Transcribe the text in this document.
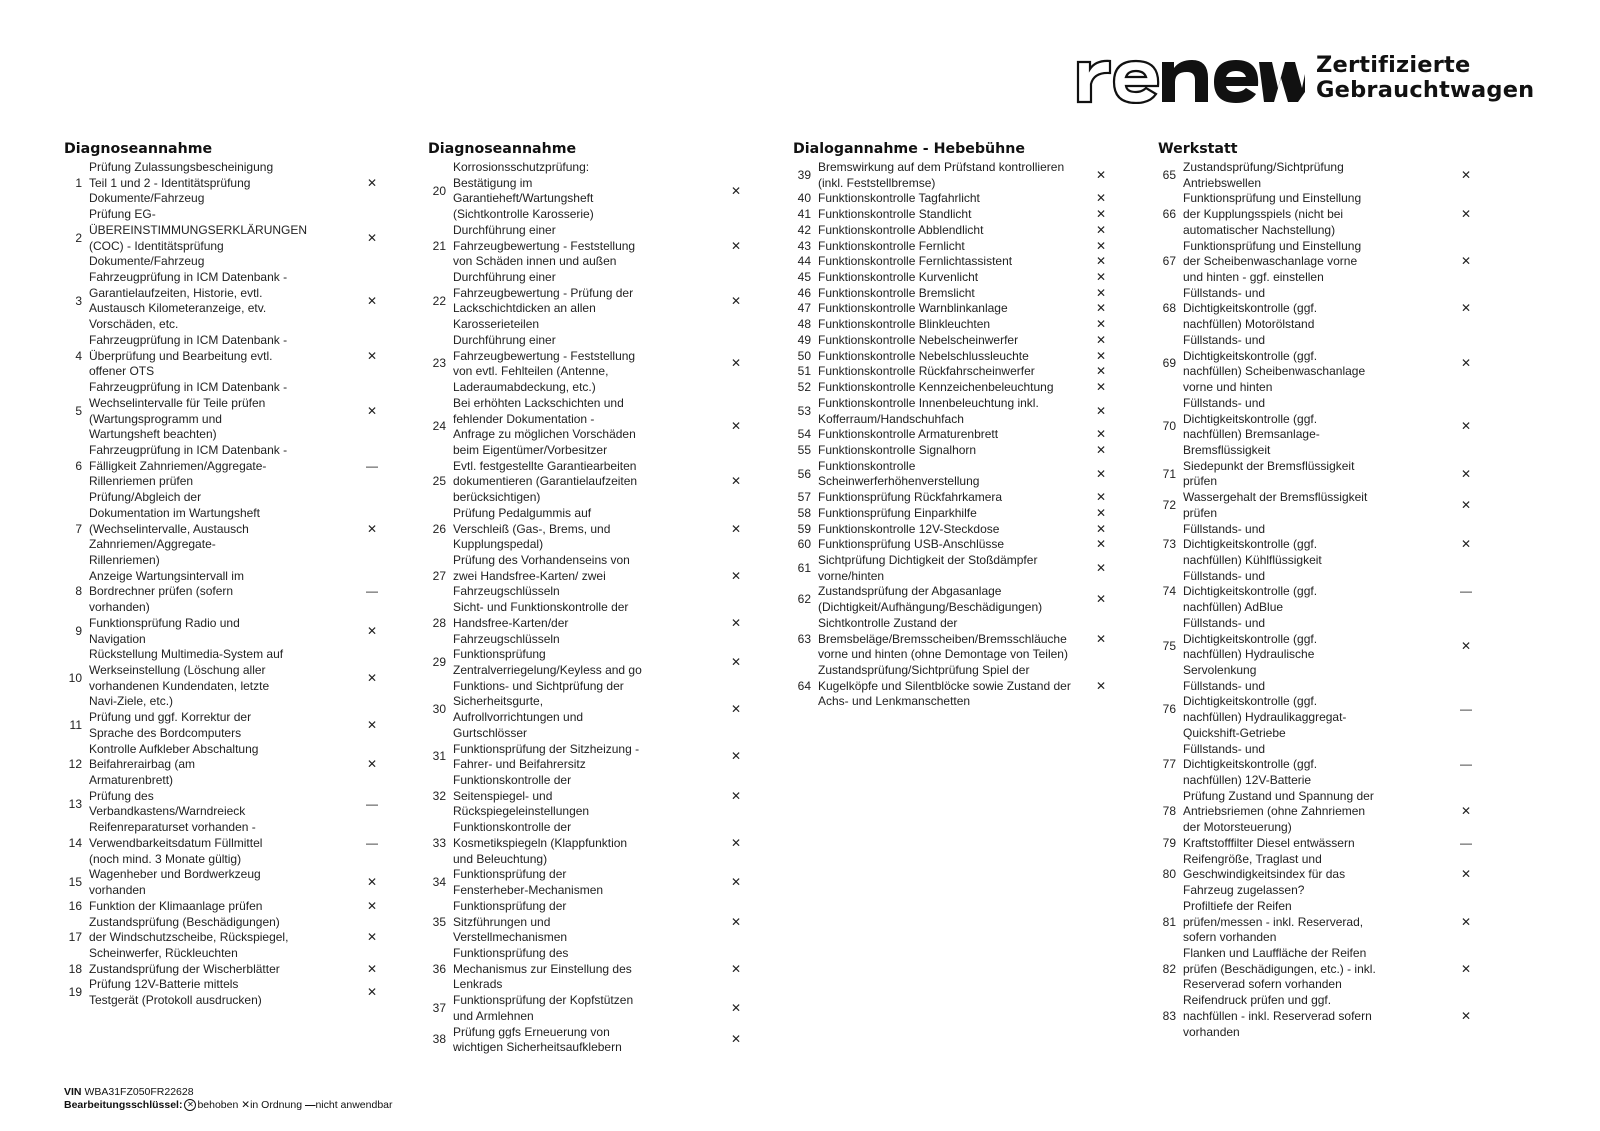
Zertifizierte
Gebrauchtwagen
Diagnoseannahme
1
Prüfung Zulassungsbescheinigung
Teil 1 und 2 - Identitätsprüfung
Dokumente/Fahrzeug
✕
2
Prüfung EG-
ÜBEREINSTIMMUNGSERKLÄRUNGEN
(COC) - Identitätsprüfung
Dokumente/Fahrzeug
✕
3
Fahrzeugprüfung in ICM Datenbank -
Garantielaufzeiten, Historie, evtl.
Austausch Kilometeranzeige, etv.
Vorschäden, etc.
✕
4
Fahrzeugprüfung in ICM Datenbank -
Überprüfung und Bearbeitung evtl.
offener OTS
✕
5
Fahrzeugprüfung in ICM Datenbank -
Wechselintervalle für Teile prüfen
(Wartungsprogramm und
Wartungsheft beachten)
✕
6
Fahrzeugprüfung in ICM Datenbank -
Fälligkeit Zahnriemen/Aggregate-
Rillenriemen prüfen
—
7
Prüfung/Abgleich der
Dokumentation im Wartungsheft
(Wechselintervalle, Austausch
Zahnriemen/Aggregate-
Rillenriemen)
✕
8
Anzeige Wartungsintervall im
Bordrechner prüfen (sofern
vorhanden)
—
9
Funktionsprüfung Radio und
Navigation
✕
10
Rückstellung Multimedia-System auf
Werkseinstellung (Löschung aller
vorhandenen Kundendaten, letzte
Navi-Ziele, etc.)
✕
11
Prüfung und ggf. Korrektur der
Sprache des Bordcomputers
✕
12
Kontrolle Aufkleber Abschaltung
Beifahrerairbag (am
Armaturenbrett)
✕
13
Prüfung des
Verbandkastens/Warndreieck
—
14
Reifenreparaturset vorhanden -
Verwendbarkeitsdatum Füllmittel
(noch mind. 3 Monate gültig)
—
15
Wagenheber und Bordwerkzeug
vorhanden
✕
16 Funktion der Klimaanlage prüfen	✕
17
Zustandsprüfung (Beschädigungen)
der Windschutzscheibe, Rückspiegel,
Scheinwerfer, Rückleuchten
✕
18 Zustandsprüfung der Wischerblätter	✕
19
Prüfung 12V-Batterie mittels
Testgerät (Protokoll ausdrucken)
✕
Diagnoseannahme
20
Korrosionsschutzprüfung:
Bestätigung im
Garantieheft/Wartungsheft
(Sichtkontrolle Karosserie)
✕
21
Durchführung einer
Fahrzeugbewertung - Feststellung
von Schäden innen und außen
✕
22
Durchführung einer
Fahrzeugbewertung - Prüfung der
Lackschichtdicken an allen
Karosserieteilen
✕
23
Durchführung einer
Fahrzeugbewertung - Feststellung
von evtl. Fehlteilen (Antenne,
Laderaumabdeckung, etc.)
✕
24
Bei erhöhten Lackschichten und
fehlender Dokumentation -
Anfrage zu möglichen Vorschäden
beim Eigentümer/Vorbesitzer
✕
25
Evtl. festgestellte Garantiearbeiten
dokumentieren (Garantielaufzeiten
berücksichtigen)
✕
26
Prüfung Pedalgummis auf
Verschleiß (Gas-, Brems, und
Kupplungspedal)
✕
27
Prüfung des Vorhandenseins von
zwei Handsfree-Karten/ zwei
Fahrzeugschlüsseln
✕
28
Sicht- und Funktionskontrolle der
Handsfree-Karten/der
Fahrzeugschlüsseln
✕
29
Funktionsprüfung
Zentralverriegelung/Keyless and go
✕
30
Funktions- und Sichtprüfung der
Sicherheitsgurte,
Aufrollvorrichtungen und
Gurtschlösser
✕
31
Funktionsprüfung der Sitzheizung -
Fahrer- und Beifahrersitz
✕
32
Funktionskontrolle der
Seitenspiegel- und
Rückspiegeleinstellungen
✕
33
Funktionskontrolle der
Kosmetikspiegeln (Klappfunktion
und Beleuchtung)
✕
34
Funktionsprüfung der
Fensterheber-Mechanismen
✕
35
Funktionsprüfung der
Sitzführungen und
Verstellmechanismen
✕
36
Funktionsprüfung des
Mechanismus zur Einstellung des
Lenkrads
✕
37
Funktionsprüfung der Kopfstützen
und Armlehnen
✕
38
Prüfung ggfs Erneuerung von
wichtigen Sicherheitsaufklebern
✕
Dialogannahme - Hebebühne
39
Bremswirkung auf dem Prüfstand kontrollieren
(inkl. Feststellbremse)
✕
40 Funktionskontrolle Tagfahrlicht	✕
41 Funktionskontrolle Standlicht	✕
42 Funktionskontrolle Abblendlicht	✕
43 Funktionskontrolle Fernlicht	✕
44 Funktionskontrolle Fernlichtassistent	✕
45 Funktionskontrolle Kurvenlicht	✕
46 Funktionskontrolle Bremslicht	✕
47 Funktionskontrolle Warnblinkanlage	✕
48 Funktionskontrolle Blinkleuchten	✕
49 Funktionskontrolle Nebelscheinwerfer	✕
50 Funktionskontrolle Nebelschlussleuchte	✕
51 Funktionskontrolle Rückfahrscheinwerfer	✕
52 Funktionskontrolle Kennzeichenbeleuchtung	✕
53
Funktionskontrolle Innenbeleuchtung inkl.
Kofferraum/Handschuhfach
✕
54 Funktionskontrolle Armaturenbrett	✕
55 Funktionskontrolle Signalhorn	✕
56
Funktionskontrolle
Scheinwerferhöhenverstellung
✕
57 Funktionsprüfung Rückfahrkamera	✕
58 Funktionsprüfung Einparkhilfe	✕
59 Funktionskontrolle 12V-Steckdose	✕
60 Funktionsprüfung USB-Anschlüsse	✕
61
Sichtprüfung Dichtigkeit der Stoßdämpfer
vorne/hinten
✕
62
Zustandsprüfung der Abgasanlage
(Dichtigkeit/Aufhängung/Beschädigungen)
✕
63
Sichtkontrolle Zustand der
Bremsbeläge/Bremsscheiben/Bremsschläuche
vorne und hinten (ohne Demontage von Teilen)
✕
64
Zustandsprüfung/Sichtprüfung Spiel der
Kugelköpfe und Silentblöcke sowie Zustand der
Achs- und Lenkmanschetten
✕
Werkstatt
65
Zustandsprüfung/Sichtprüfung
Antriebswellen
✕
66
Funktionsprüfung und Einstellung
der Kupplungsspiels (nicht bei
automatischer Nachstellung)
✕
67
Funktionsprüfung und Einstellung
der Scheibenwaschanlage vorne
und hinten - ggf. einstellen
✕
68
Füllstands- und
Dichtigkeitskontrolle (ggf.
nachfüllen) Motorölstand
✕
69
Füllstands- und
Dichtigkeitskontrolle (ggf.
nachfüllen) Scheibenwaschanlage
vorne und hinten
✕
70
Füllstands- und
Dichtigkeitskontrolle (ggf.
nachfüllen) Bremsanlage-
Bremsflüssigkeit
✕
71
Siedepunkt der Bremsflüssigkeit
prüfen
✕
72
Wassergehalt der Bremsflüssigkeit
prüfen
✕
73
Füllstands- und
Dichtigkeitskontrolle (ggf.
nachfüllen) Kühlflüssigkeit
✕
74
Füllstands- und
Dichtigkeitskontrolle (ggf.
nachfüllen) AdBlue
—
75
Füllstands- und
Dichtigkeitskontrolle (ggf.
nachfüllen) Hydraulische
Servolenkung
✕
76
Füllstands- und
Dichtigkeitskontrolle (ggf.
nachfüllen) Hydraulikaggregat-
Quickshift-Getriebe
—
77
Füllstands- und
Dichtigkeitskontrolle (ggf.
nachfüllen) 12V-Batterie
—
78
Prüfung Zustand und Spannung der
Antriebsriemen (ohne Zahnriemen
der Motorsteuerung)
✕
79 Kraftstofffilter Diesel entwässern	—
80
Reifengröße, Traglast und
Geschwindigkeitsindex für das
Fahrzeug zugelassen?
✕
81
Profiltiefe der Reifen
prüfen/messen - inkl. Reserverad,
sofern vorhanden
✕
82
Flanken und Lauffläche der Reifen
prüfen (Beschädigungen, etc.) - inkl.
Reserverad sofern vorhanden
✕
83
Reifendruck prüfen und ggf.
nachfüllen - inkl. Reserverad sofern
vorhanden
✕
VIN WBA31FZ050FR22628
Bearbeitungsschlüssel: ✕ behoben ✕in Ordnung —nicht anwendbar
